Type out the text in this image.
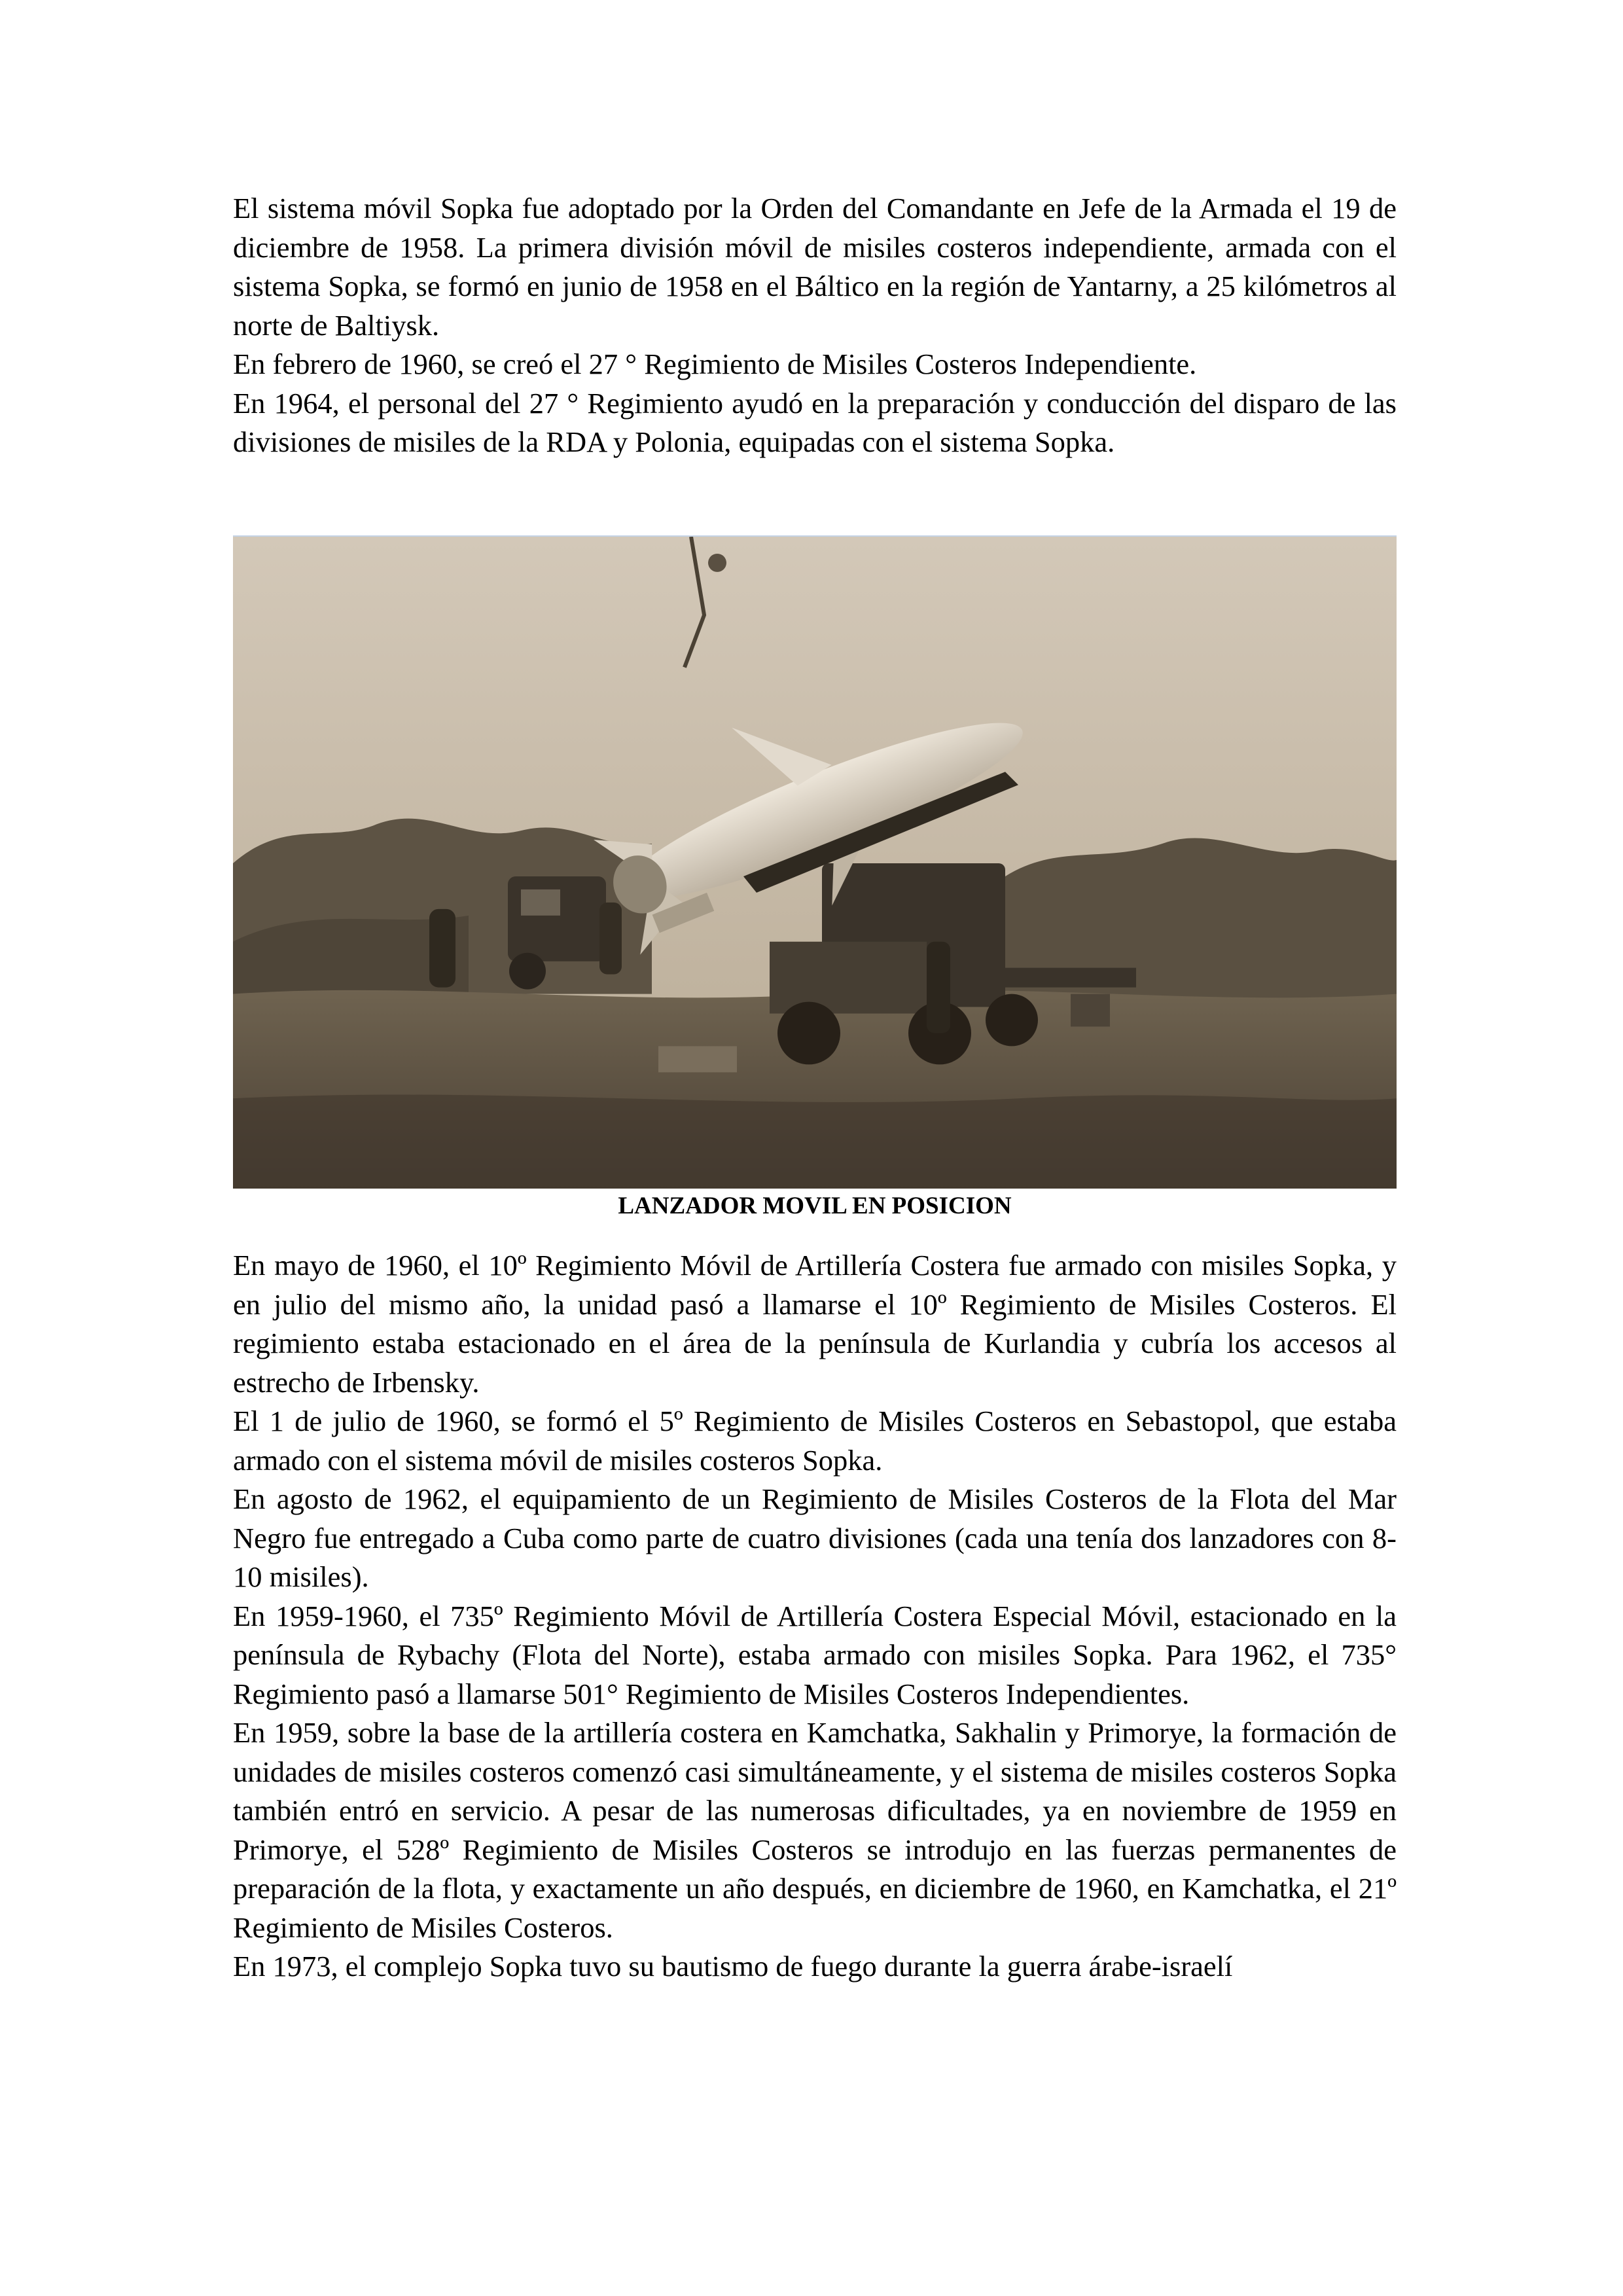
El sistema móvil Sopka fue adoptado por la Orden del Comandante en Jefe de la Armada el 19 de diciembre de 1958. La primera división móvil de misiles costeros independiente, armada con el sistema Sopka, se formó en junio de 1958 en el Báltico en la región de Yantarny, a 25 kilómetros al norte de Baltiysk.

En febrero de 1960, se creó el 27 ° Regimiento de Misiles Costeros Independiente.

En 1964, el personal del 27 ° Regimiento ayudó en la preparación y conducción del disparo de las divisiones de misiles de la RDA y Polonia, equipadas con el sistema Sopka.

LANZADOR MOVIL EN POSICION

En mayo de 1960, el 10º Regimiento Móvil de Artillería Costera fue armado con misiles Sopka, y en julio del mismo año, la unidad pasó a llamarse el 10º Regimiento de Misiles Costeros. El regimiento estaba estacionado en el área de la península de Kurlandia y cubría los accesos al estrecho de Irbensky.

El 1 de julio de 1960, se formó el 5º Regimiento de Misiles Costeros en Sebastopol, que estaba armado con el sistema móvil de misiles costeros Sopka.

En agosto de 1962, el equipamiento de un Regimiento de Misiles Costeros de la Flota del Mar Negro fue entregado a Cuba como parte de cuatro divisiones (cada una tenía dos lanzadores con 8-10 misiles).

En 1959-1960, el 735º Regimiento Móvil de Artillería Costera Especial Móvil, estacionado en la península de Rybachy (Flota del Norte), estaba armado con misiles Sopka. Para 1962, el 735° Regimiento pasó a llamarse 501° Regimiento de Misiles Costeros Independientes.

En 1959, sobre la base de la artillería costera en Kamchatka, Sakhalin y Primorye, la formación de unidades de misiles costeros comenzó casi simultáneamente, y el sistema de misiles costeros Sopka también entró en servicio. A pesar de las numerosas dificultades, ya en noviembre de 1959 en Primorye, el 528º Regimiento de Misiles Costeros se introdujo en las fuerzas permanentes de preparación de la flota, y exactamente un año después, en diciembre de 1960, en Kamchatka, el 21º Regimiento de Misiles Costeros.

En 1973, el complejo Sopka tuvo su bautismo de fuego durante la guerra árabe-israelí
